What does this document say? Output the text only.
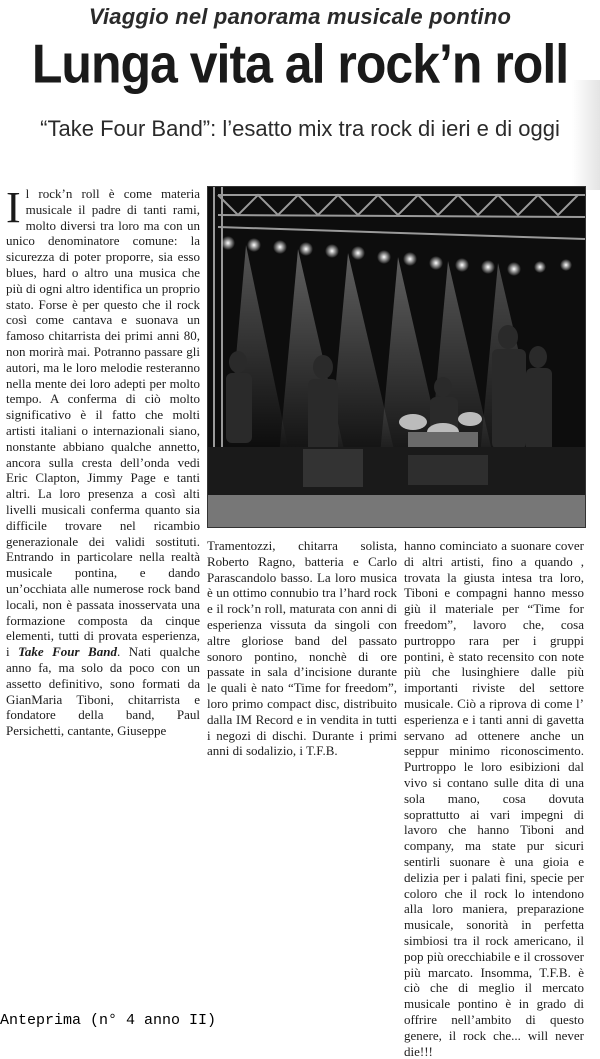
Viaggio nel panorama musicale pontino
Lunga vita al rock’n roll
“Take Four Band”: l’esatto mix tra rock di ieri e di oggi
Il rock’n roll è come materia musicale il padre di tanti rami, molto diversi tra loro ma con un unico denominatore comune: la sicurezza di poter proporre, sia esso blues, hard o altro una musica che più di ogni altro identifica un proprio stato. Forse è per questo che il rock così come cantava e suonava un famoso chitarrista dei primi anni 80, non morirà mai. Potranno passare gli autori, ma le loro melodie resteranno nella mente dei loro adepti per molto tempo. A conferma di ciò molto significativo è il fatto che molti artisti italiani o internazionali siano, nonstante abbiano qualche annetto, ancora sulla cresta dell’onda vedi Eric Clapton, Jimmy Page e tanti altri. La loro presenza a così alti livelli musicali conferma quanto sia difficile trovare nel ricambio generazionale dei validi sostituti. Entrando in particolare nella realtà musicale pontina, e dando un’occhiata alle numerose rock band locali, non è passata inosservata una formazione composta da cinque elementi, tutti di provata esperienza, i Take Four Band. Nati qualche anno fa, ma solo da poco con un assetto definitivo, sono formati da GianMaria Tiboni, chitarrista e fondatore della band, Paul Persichetti, cantante, Giuseppe
Tramentozzi, chitarra solista, Roberto Ragno, batteria e Carlo Parascandolo basso. La loro musica è un ottimo connubio tra l’hard rock e il rock’n roll, maturata con anni di esperienza vissuta da singoli con altre gloriose band del passato sonoro pontino, nonchè di ore passate in sala d’incisione durante le quali è nato “Time for freedom”, loro primo compact disc, distribuito dalla IM Record e in vendita in tutti i negozi di dischi. Durante i primi anni di sodalizio, i T.F.B.
hanno cominciato a suonare cover di altri artisti, fino a quando , trovata la giusta intesa tra loro, Tiboni e compagni hanno messo giù il materiale per “Time for freedom”, lavoro che, cosa purtroppo rara per i gruppi pontini, è stato recensito con note più che lusinghiere dalle più importanti riviste del settore musicale. Ciò a riprova di come l’ esperienza e i tanti anni di gavetta servano ad ottenere anche un seppur minimo riconoscimento. Purtroppo le loro esibizioni dal vivo si contano sulle dita di una sola mano, cosa dovuta soprattutto ai vari impegni di lavoro che hanno Tiboni and company, ma state pur sicuri sentirli suonare è una gioia e delizia per i palati fini, specie per coloro che il rock lo intendono alla loro maniera, preparazione musicale, sonorità in perfetta simbiosi tra il rock americano, il pop più orecchiabile e il crossover più marcato. Insomma, T.F.B. è ciò che di meglio il mercato musicale pontino è in grado di offrire nell’ambito di questo genere, il rock che... will never die!!!
Anteprima (n° 4 anno II)
